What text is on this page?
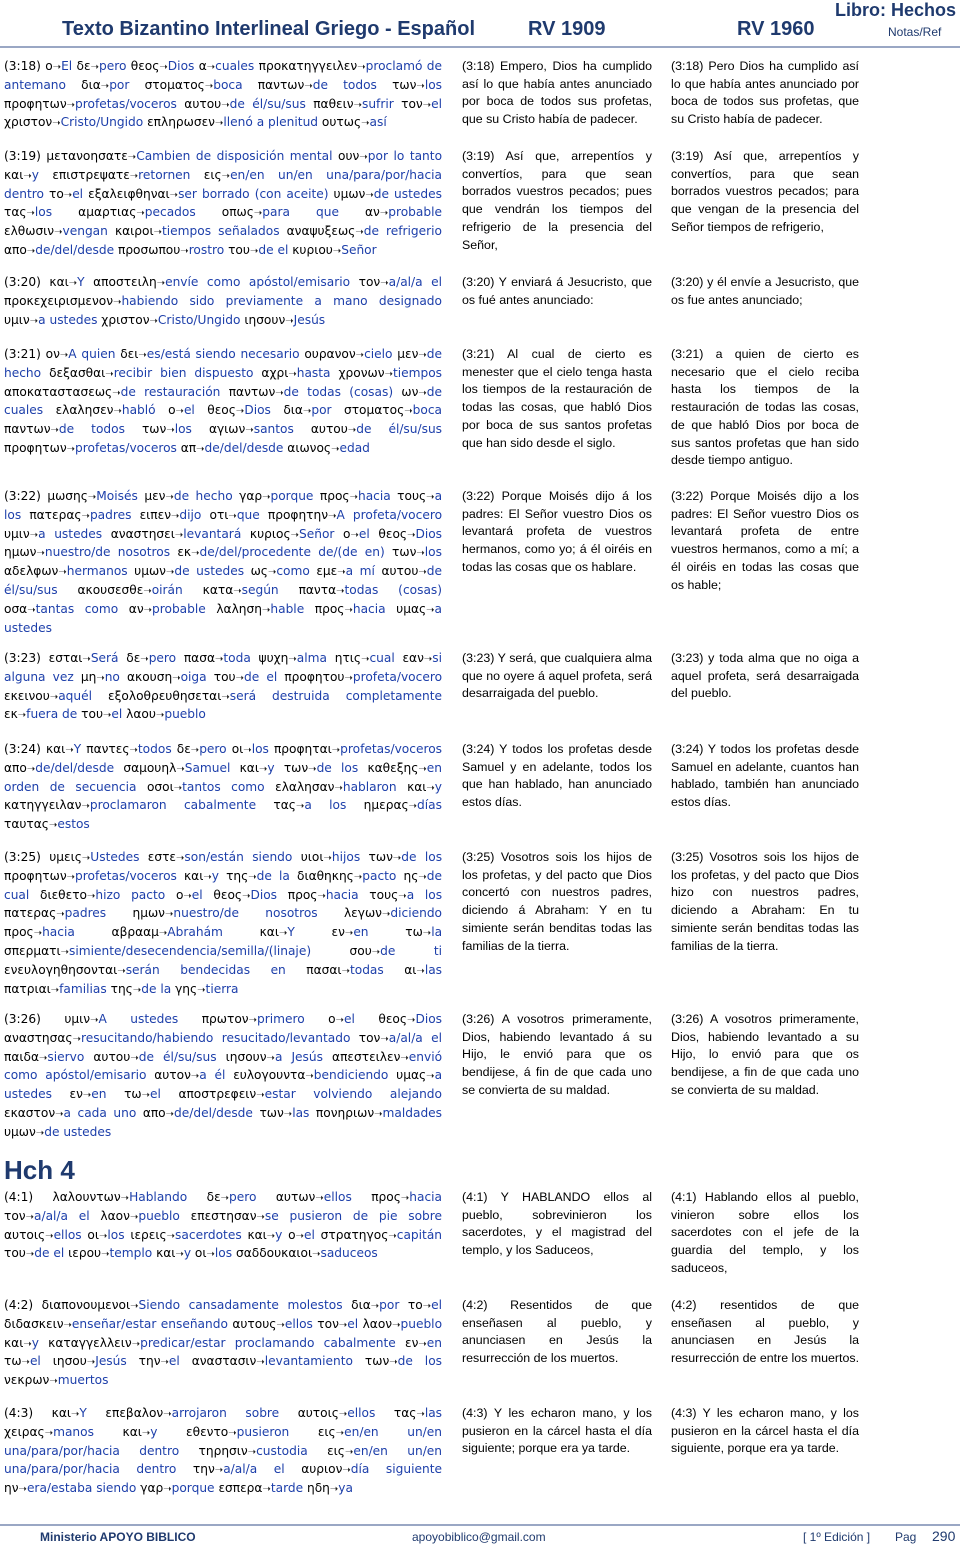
Texto Bizantino Interlineal Griego - Español	RV 1909	RV 1960
Libro: Hechos
Notas/Ref

(3:18) ο➝El δε➝pero θεος➝Dios α➝cuales προκατηγγειλεν➝proclamó de antemano δια➝por στοματος➝boca παντων➝de todos των➝los προφητων➝profetas/voceros αυτου➝de él/su/sus παθειν➝sufrir τον➝el χριστον➝Cristo/Ungido επληρωσεν➝llenó a plenitud ουτως➝así

(3:18) Empero, Dios ha cumplido así lo que había antes anunciado por boca de todos sus profetas, que su Cristo había de padecer.

(3:18) Pero Dios ha cumplido así lo que había antes anunciado por boca de todos sus profetas, que su Cristo había de padecer.

(3:19) μετανοησατε➝Cambien de disposición mental ουν➝por lo tanto και➝y επιστρεψατε➝retornen εις➝en/en un/en una/para/por/hacia dentro το➝el εξαλειφθηναι➝ser borrado (con aceite) υμων➝de ustedes τας➝los αμαρτιας➝pecados οπως➝para que αν➝probable ελθωσιν➝vengan καιροι➝tiempos señalados αναψυξεως➝de refrigerio απο➝de/del/desde προσωπου➝rostro του➝de el κυριου➝Señor

(3:19) Así que, arrepentíos y convertíos, para que sean borrados vuestros pecados; pues que vendrán los tiempos del refrigerio de la presencia del Señor,

(3:19) Así que, arrepentíos y convertíos, para que sean borrados vuestros pecados; para que vengan de la presencia del Señor tiempos de refrigerio,

(3:20) και➝Y αποστειλη➝envíe como apóstol/emisario τον➝a/al/a el προκεχειρισμενον➝habiendo sido previamente a mano designado υμιν➝a ustedes χριστον➝Cristo/Ungido ιησουν➝Jesús

(3:20) Y enviará á Jesucristo, que os fué antes anunciado:

(3:20) y él envíe a Jesucristo, que os fue antes anunciado;

(3:21) ον➝A quien δει➝es/está siendo necesario ουρανον➝cielo μεν➝de hecho δεξασθαι➝recibir bien dispuesto αχρι➝hasta χρονων➝tiempos αποκαταστασεως➝de restauración παντων➝de todas (cosas) ων➝de cuales ελαλησεν➝habló ο➝el θεος➝Dios δια➝por στοματος➝boca παντων➝de todos των➝los αγιων➝santos αυτου➝de él/su/sus προφητων➝profetas/voceros απ➝de/del/desde αιωνος➝edad

(3:21) Al cual de cierto es menester que el cielo tenga hasta los tiempos de la restauración de todas las cosas, que habló Dios por boca de sus santos profetas que han sido desde el siglo.

(3:21) a quien de cierto es necesario que el cielo reciba hasta los tiempos de la restauración de todas las cosas, de que habló Dios por boca de sus santos profetas que han sido desde tiempo antiguo.

(3:22) μωσης➝Moisés μεν➝de hecho γαρ➝porque προς➝hacia τους➝a los πατερας➝padres ειπεν➝dijo οτι➝que προφητην➝A profeta/vocero υμιν➝a ustedes αναστησει➝levantará κυριος➝Señor ο➝el θεος➝Dios ημων➝nuestro/de nosotros εκ➝de/del/procedente de/(de en) των➝los αδελφων➝hermanos υμων➝de ustedes ως➝como εμε➝a mí αυτου➝de él/su/sus ακουσεσθε➝oirán κατα➝según παντα➝todas (cosas) οσα➝tantas como αν➝probable λαληση➝hable προς➝hacia υμας➝a ustedes

(3:22) Porque Moisés dijo á los padres: El Señor vuestro Dios os levantará profeta de vuestros hermanos, como yo; á él oiréis en todas las cosas que os hablare.

(3:22) Porque Moisés dijo a los padres: El Señor vuestro Dios os levantará profeta de entre vuestros hermanos, como a mí; a él oiréis en todas las cosas que os hable;

(3:23) εσται➝Será δε➝pero πασα➝toda ψυχη➝alma ητις➝cual εαν➝si alguna vez μη➝no ακουση➝oiga του➝de el προφητου➝profeta/vocero εκεινου➝aquél εξολοθρευθησεται➝será destruida completamente εκ➝fuera de του➝el λαου➝pueblo

(3:23) Y será, que cualquiera alma que no oyere á aquel profeta, será desarraigada del pueblo.

(3:23) y toda alma que no oiga a aquel profeta, será desarraigada del pueblo.

(3:24) και➝Y παντες➝todos δε➝pero οι➝los προφηται➝profetas/voceros απο➝de/del/desde σαμουηλ➝Samuel και➝y των➝de los καθεξης➝en orden de secuencia οσοι➝tantos como ελαλησαν➝hablaron και➝y κατηγγειλαν➝proclamaron cabalmente τας➝a los ημερας➝días ταυτας➝estos

(3:24) Y todos los profetas desde Samuel y en adelante, todos los que han hablado, han anunciado estos días.

(3:24) Y todos los profetas desde Samuel en adelante, cuantos han hablado, también han anunciado estos días.

(3:25) υμεις➝Ustedes εστε➝son/están siendo υιοι➝hijos των➝de los προφητων➝profetas/voceros και➝y της➝de la διαθηκης➝pacto ης➝de cual διεθετο➝hizo pacto ο➝el θεος➝Dios προς➝hacia τους➝a los πατερας➝padres ημων➝nuestro/de nosotros λεγων➝diciendo προς➝hacia	αβρααμ➝Abrahám	και➝Y	εν➝en	τω➝la σπερματι➝simiente/desecendencia/semilla/(linaje)	σου➝de ti ενευλογηθησονται➝serán bendecidas en πασαι➝todas αι➝las πατριαι➝familias της➝de la γης➝tierra

(3:25) Vosotros sois los hijos de los profetas, y del pacto que Dios concertó con nuestros padres, diciendo á Abraham: Y en tu simiente serán benditas todas las familias de la tierra.

(3:25) Vosotros sois los hijos de los profetas, y del pacto que Dios hizo con nuestros padres, diciendo a Abraham: En tu simiente serán benditas todas las familias de la tierra.

(3:26) υμιν➝A ustedes πρωτον➝primero ο➝el θεος➝Dios αναστησας➝resucitando/habiendo resucitado/levantado τον➝a/al/a el παιδα➝siervo αυτου➝de él/su/sus ιησουν➝a Jesús απεστειλεν➝envió como apóstol/emisario αυτον➝a él ευλογουντα➝bendiciendo υμας➝a ustedes εν➝en τω➝el αποστρεφειν➝estar volviendo alejando εκαστον➝a cada uno απο➝de/del/desde των➝las πονηριων➝maldades υμων➝de ustedes

(3:26) A vosotros primeramente, Dios, habiendo levantado á su Hijo, le envió para que os bendijese, á fin de que cada uno se convierta de su maldad.

(3:26) A vosotros primeramente, Dios, habiendo levantado a su Hijo, lo envió para que os bendijese, a fin de que cada uno se convierta de su maldad.

(4:1) λαλουντων➝Hablando δε➝pero αυτων➝ellos προς➝hacia τον➝a/al/a el λαον➝pueblo επεστησαν➝se pusieron de pie sobre αυτοις➝ellos οι➝los ιερεις➝sacerdotes και➝y ο➝el στρατηγος➝capitán του➝de el ιερου➝templo και➝y οι➝los σαδδουκαιοι➝saduceos

(4:1) Y HABLANDO ellos al pueblo, sobrevinieron los sacerdotes, y el magistrad del templo, y los Saduceos,

(4:1) Hablando ellos al pueblo, vinieron sobre ellos los sacerdotes con el jefe de la guardia del templo, y los saduceos,

(4:2) διαπονουμενοι➝Siendo cansadamente molestos δια➝por το➝el διδασκειν➝enseñar/estar enseñando αυτους➝ellos τον➝el λαον➝pueblo και➝y καταγγελλειν➝predicar/estar proclamando cabalmente εν➝en τω➝el ιησου➝Jesús την➝el αναστασιν➝levantamiento των➝de los νεκρων➝muertos

(4:2) Resentidos de que enseñasen al pueblo, y anunciasen en Jesús la resurrección de los muertos.

(4:2) resentidos de que enseñasen al pueblo, y anunciasen en Jesús la resurrección de entre los muertos.

(4:3) και➝Y επεβαλον➝arrojaron sobre αυτοις➝ellos τας➝las χειρας➝manos και➝y εθεντο➝pusieron εις➝en/en un/en una/para/por/hacia dentro τηρησιν➝custodia εις➝en/en un/en una/para/por/hacia dentro την➝a/al/a el αυριον➝día siguiente ην➝era/estaba siendo γαρ➝porque εσπερα➝tarde ηδη➝ya

(4:3) Y les echaron mano, y los pusieron en la cárcel hasta el día siguiente; porque era ya tarde.

(4:3) Y les echaron mano, y los pusieron en la cárcel hasta el día siguiente, porque era ya tarde.

Hch 4
Ministerio APOYO BIBLICO	apoyobiblico@gmail.com	[ 1º Edición ] Pag 290
